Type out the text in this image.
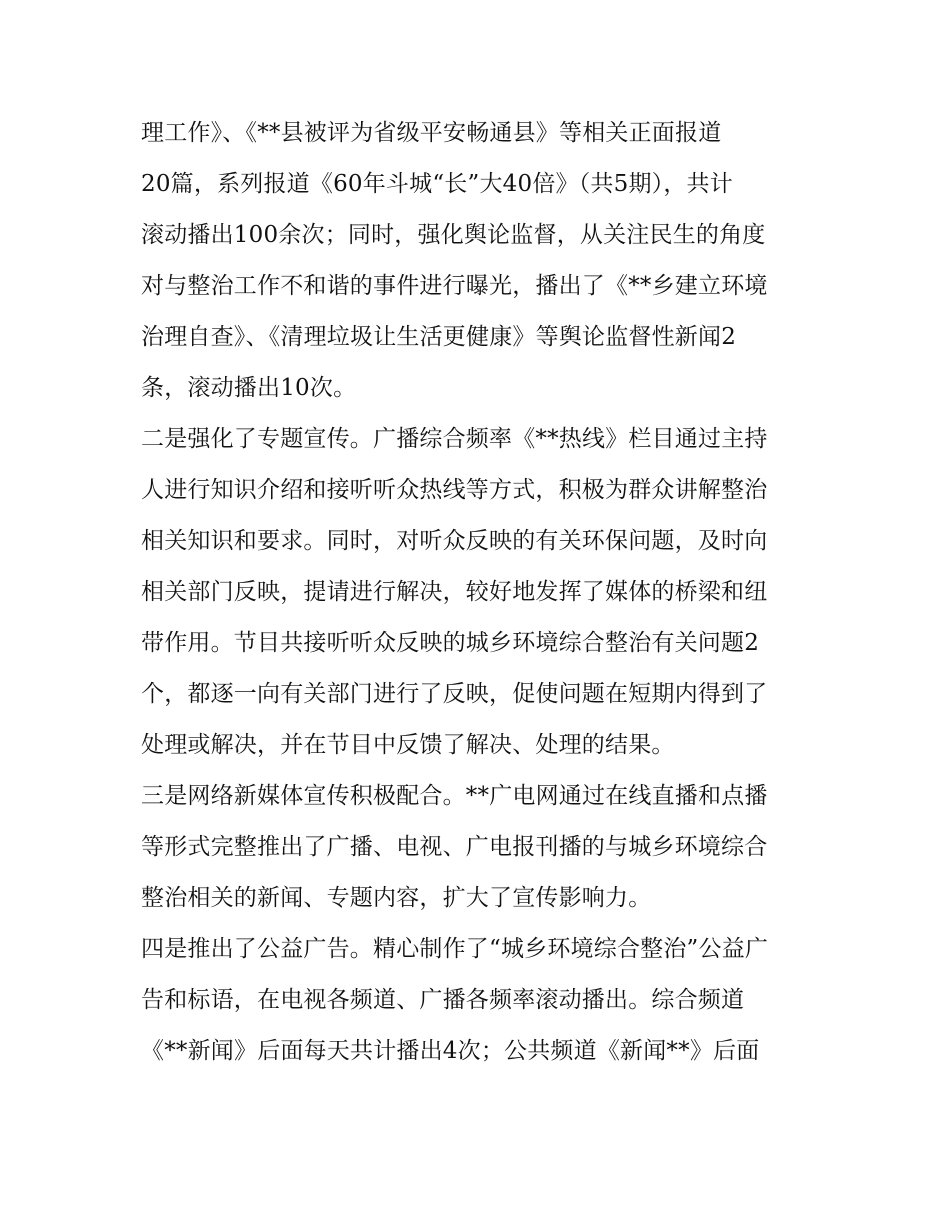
理工作》、《**县被评为省级平安畅通县》等相关正面报道
20篇，系列报道《60年斗城“长”大40倍》（共5期），共计
滚动播出100余次；同时，强化舆论监督，从关注民生的角度
对与整治工作不和谐的事件进行曝光，播出了《**乡建立环境
治理自查》、《清理垃圾让生活更健康》等舆论监督性新闻2
条，滚动播出10次。
二是强化了专题宣传。广播综合频率《**热线》栏目通过主持
人进行知识介绍和接听听众热线等方式，积极为群众讲解整治
相关知识和要求。同时，对听众反映的有关环保问题，及时向
相关部门反映，提请进行解决，较好地发挥了媒体的桥梁和纽
带作用。节目共接听听众反映的城乡环境综合整治有关问题2
个，都逐一向有关部门进行了反映，促使问题在短期内得到了
处理或解决，并在节目中反馈了解决、处理的结果。
三是网络新媒体宣传积极配合。**广电网通过在线直播和点播
等形式完整推出了广播、电视、广电报刊播的与城乡环境综合
整治相关的新闻、专题内容，扩大了宣传影响力。
四是推出了公益广告。精心制作了“城乡环境综合整治”公益广
告和标语，在电视各频道、广播各频率滚动播出。综合频道
《**新闻》后面每天共计播出4次；公共频道《新闻**》后面
